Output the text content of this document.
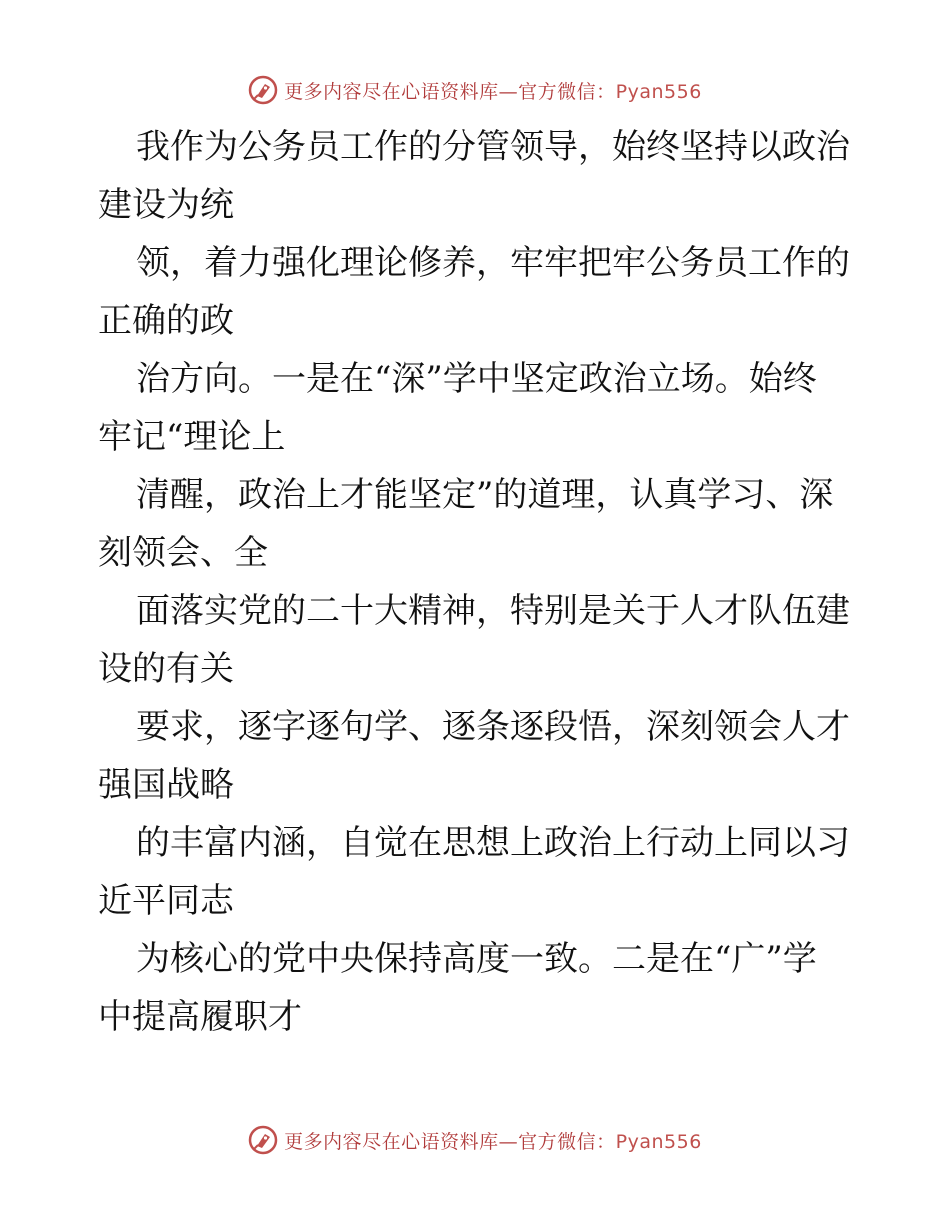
更多内容尽在心语资料库—官方微信：Pyan556

我作为公务员工作的分管领导，始终坚持以政治
建设为统

领，着力强化理论修养，牢牢把牢公务员工作的
正确的政

治方向。一是在“深”学中坚定政治立场。始终
牢记“理论上

清醒，政治上才能坚定”的道理，认真学习、深
刻领会、全

面落实党的二十大精神，特别是关于人才队伍建
设的有关

要求，逐字逐句学、逐条逐段悟，深刻领会人才
强国战略

的丰富内涵，自觉在思想上政治上行动上同以习
近平同志

为核心的党中央保持高度一致。二是在“广”学
中提高履职才

更多内容尽在心语资料库—官方微信：Pyan556
